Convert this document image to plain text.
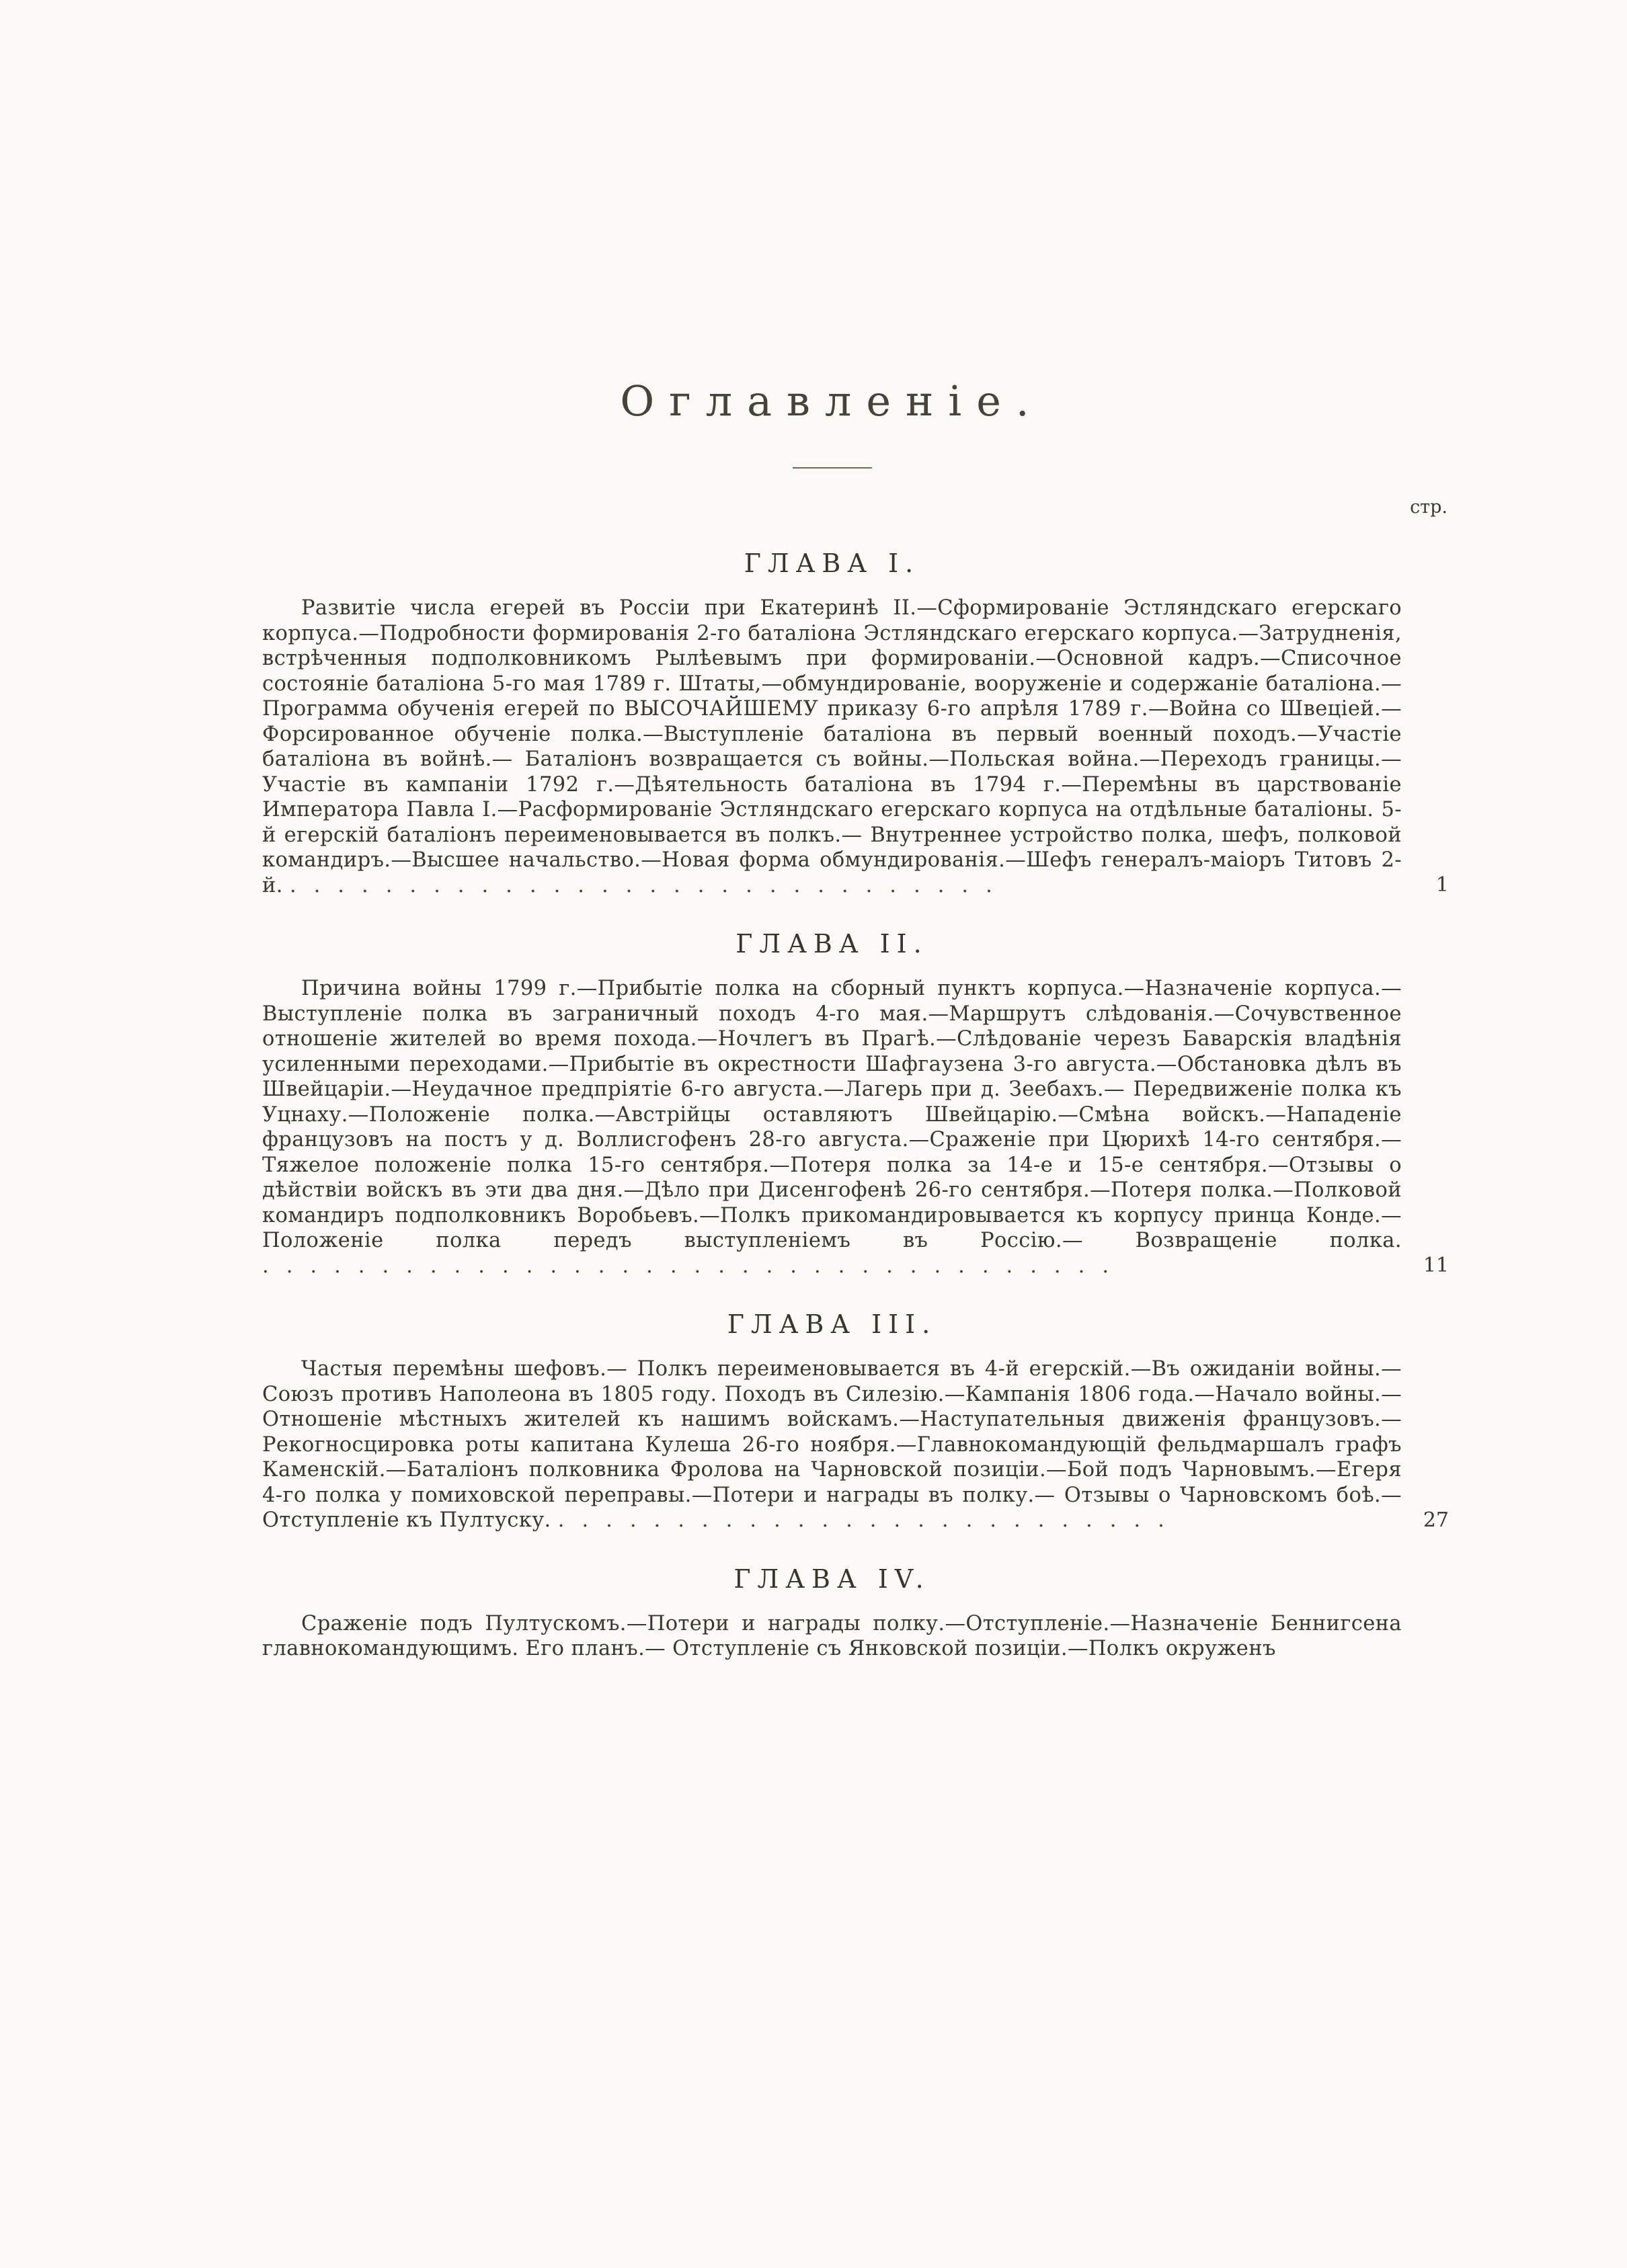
Оглавленіе.
стр.
ГЛАВА I.

Развитіе числа егерей въ Россіи при Екатеринѣ II.—Сформированіе Эстляндскаго егерскаго корпуса.—Подробности формированія 2-го баталіона Эстляндскаго егерскаго корпуса.—Затрудненія, встрѣченныя подполковникомъ Рылѣевымъ при формированіи.—Основной кадръ.—Списочное состояніе баталіона 5-го мая 1789 г. Штаты,—обмундированіе, вооруженіе и содержаніе баталіона.—Программа обученія егерей по ВЫСОЧАЙШЕМУ приказу 6-го апрѣля 1789 г.—Война со Швеціей.—Форсированное обученіе полка.—Выступленіе баталіона въ первый военный походъ.—Участіе баталіона въ войнѣ.— Баталіонъ возвращается съ войны.—Польская война.—Переходъ границы.—Участіе въ кампаніи 1792 г.—Дѣятельность баталіона въ 1794 г.—Перемѣны въ царствованіе Императора Павла I.—Расформированіе Эстляндскаго егерскаго корпуса на отдѣльные баталіоны. 5-й егерскій баталіонъ переименовывается въ полкъ.— Внутреннее устройство полка, шефъ, полковой командиръ.—Высшее начальство.—Новая форма обмундированія.—Шефъ генералъ-маіоръ Титовъ 2-й. ..............................	1
ГЛАВА II.

Причина войны 1799 г.—Прибытіе полка на сборный пунктъ корпуса.—Назначеніе корпуса.— Выступленіе полка въ заграничный походъ 4-го мая.—Маршрутъ слѣдованія.—Сочувственное отношеніе жителей во время похода.—Ночлегъ въ Прагѣ.—Слѣдованіе черезъ Баварскія владѣнія усиленными переходами.—Прибытіе въ окрестности Шафгаузена 3-го августа.—Обстановка дѣлъ въ Швейцаріи.—Неудачное предпріятіе 6-го августа.—Лагерь при д. Зеебахъ.— Передвиженіе полка къ Уцнаху.—Положеніе полка.—Австрійцы оставляютъ Швейцарію.—Смѣна войскъ.—Нападеніе французовъ на постъ у д. Воллисгофенъ 28-го августа.—Сраженіе при Цюрихѣ 14-го сентября.—Тяжелое положеніе полка 15-го сентября.—Потеря полка за 14-е и 15-е сентября.—Отзывы о дѣйствіи войскъ въ эти два дня.—Дѣло при Дисенгофенѣ 26-го сентября.—Потеря полка.—Полковой командиръ подполковникъ Воробьевъ.—Полкъ прикомандировывается къ корпусу принца Конде.—Положеніе полка передъ выступленіемъ въ Россію.— Возвращеніе полка. ....................................	11
ГЛАВА III.

Частыя перемѣны шефовъ.— Полкъ переименовывается въ 4-й егерскій.—Въ ожиданіи войны.— Союзъ противъ Наполеона въ 1805 году. Походъ въ Силезію.—Кампанія 1806 года.—Начало войны.—Отношеніе мѣстныхъ жителей къ нашимъ войскамъ.—Наступательныя движенія французовъ.—Рекогносцировка роты капитана Кулеша 26-го ноября.—Главнокомандующій фельдмаршалъ графъ Каменскій.—Баталіонъ полковника Фролова на Чарновской позиціи.—Бой подъ Чарновымъ.—Егеря 4-го полка у помиховской переправы.—Потери и награды въ полку.— Отзывы о Чарновскомъ боѣ.—Отступленіе къ Пултуску. ..........................	27
ГЛАВА IV.

Сраженіе подъ Пултускомъ.—Потери и награды полку.—Отступленіе.—Назначеніе Беннигсена главнокомандующимъ. Его планъ.— Отступленіе съ Янковской позиціи.—Полкъ окруженъ
